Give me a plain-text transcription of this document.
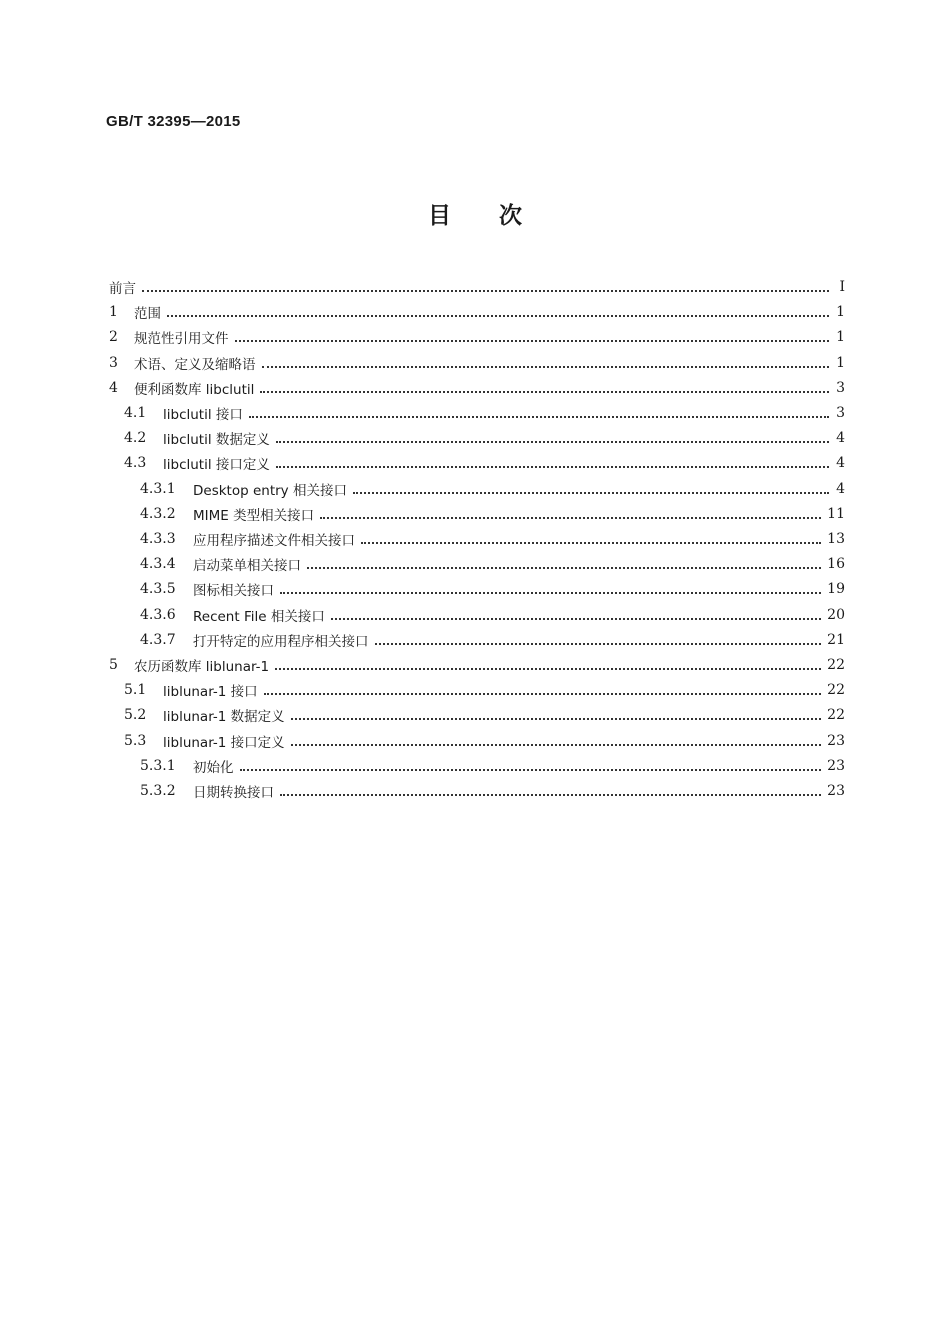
GB/T 32395—2015
目次
前言	Ⅰ
1	范围	1
2	规范性引用文件	1
3	术语、定义及缩略语	1
4	便利函数库 libclutil	3
4.1	libclutil 接口	3
4.2	libclutil 数据定义	4
4.3	libclutil 接口定义	4
4.3.1	Desktop entry 相关接口	4
4.3.2	MIME 类型相关接口	11
4.3.3	应用程序描述文件相关接口	13
4.3.4	启动菜单相关接口	16
4.3.5	图标相关接口	19
4.3.6	Recent File 相关接口	20
4.3.7	打开特定的应用程序相关接口	21
5	农历函数库 liblunar-1	22
5.1	liblunar-1 接口	22
5.2	liblunar-1 数据定义	22
5.3	liblunar-1 接口定义	23
5.3.1	初始化	23
5.3.2	日期转换接口	23
